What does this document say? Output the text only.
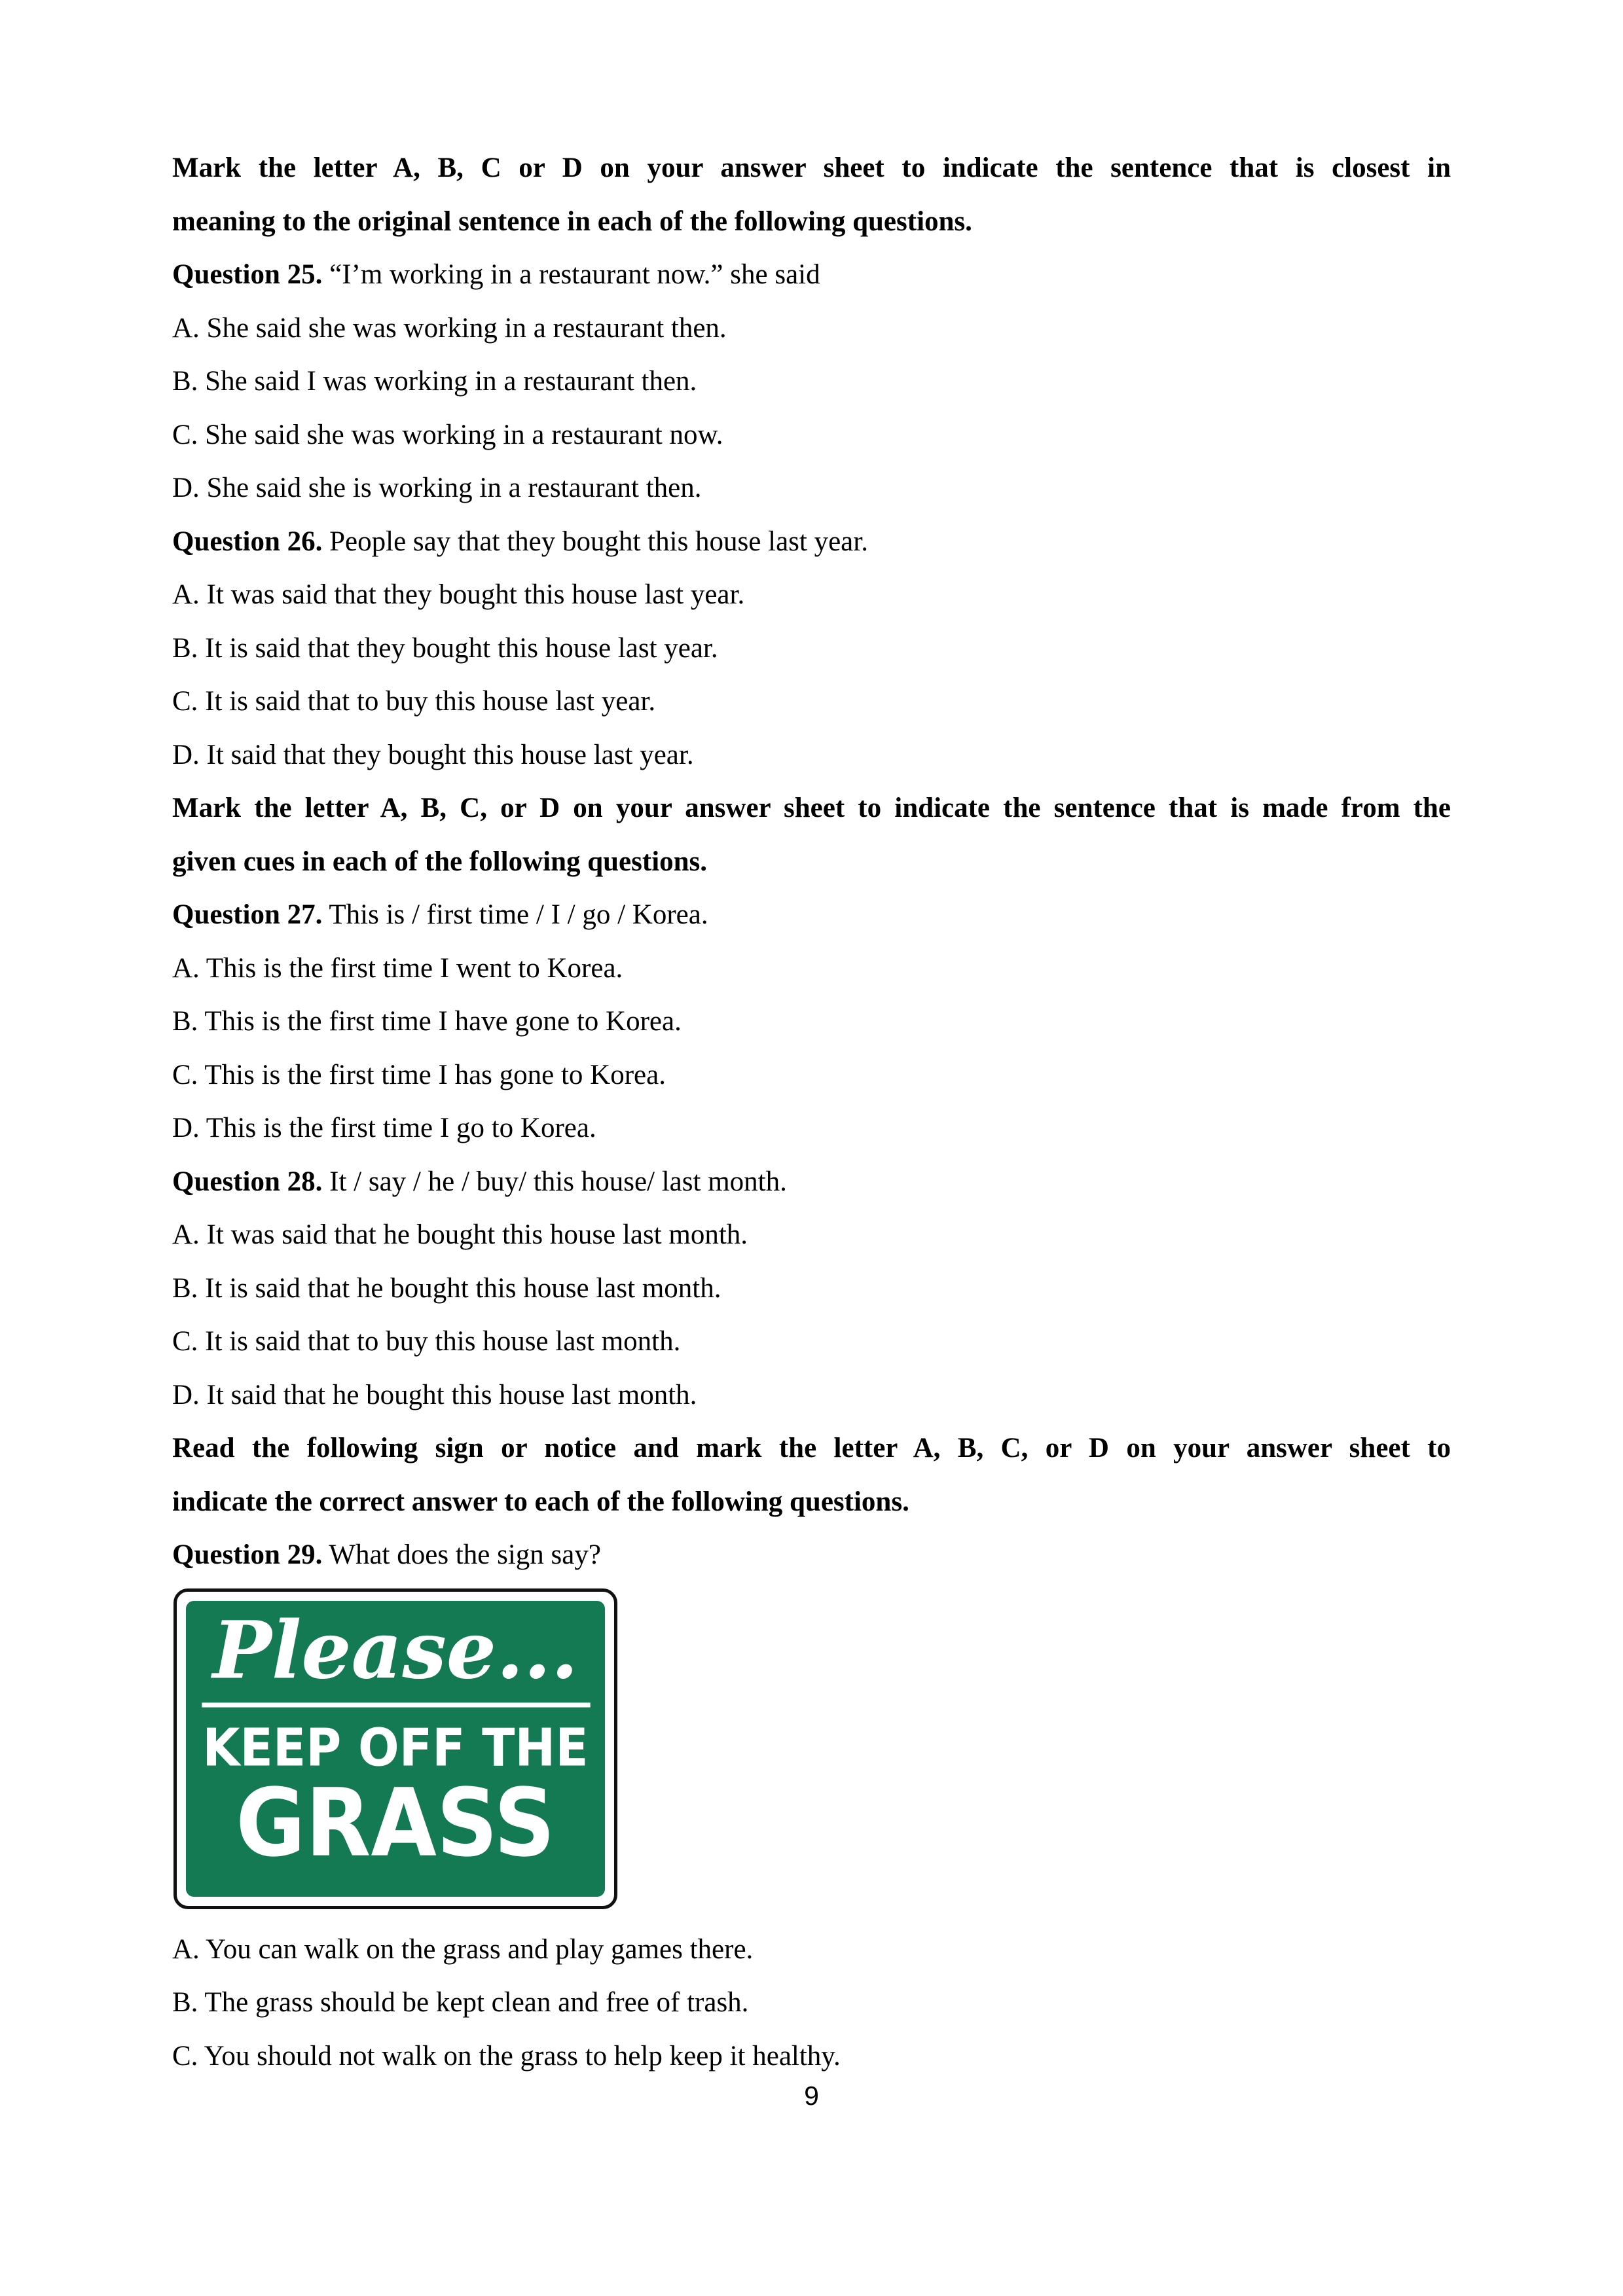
Mark the letter A, B, C or D on your answer sheet to indicate the sentence that is closest in
meaning to the original sentence in each of the following questions.
Question 25. “I’m working in a restaurant now.” she said
A. She said she was working in a restaurant then.
B. She said I was working in a restaurant then.
C. She said she was working in a restaurant now.
D. She said she is working in a restaurant then.
Question 26. People say that they bought this house last year.
A. It was said that they bought this house last year.
B. It is said that they bought this house last year.
C. It is said that to buy this house last year.
D. It said that they bought this house last year.
Mark the letter A, B, C, or D on your answer sheet to indicate the sentence that is made from the
given cues in each of the following questions.
Question 27. This is / first time / I / go / Korea.
A. This is the first time I went to Korea.
B. This is the first time I have gone to Korea.
C. This is the first time I has gone to Korea.
D. This is the first time I go to Korea.
Question 28. It / say / he / buy/ this house/ last month.
A. It was said that he bought this house last month.
B. It is said that he bought this house last month.
C. It is said that to buy this house last month.
D. It said that he bought this house last month.
Read the following sign or notice and mark the letter A, B, C, or D on your answer sheet to
indicate the correct answer to each of the following questions.
Question 29. What does the sign say?
Please...
KEEP OFF THE
GRASS
A. You can walk on the grass and play games there.
B. The grass should be kept clean and free of trash.
C. You should not walk on the grass to help keep it healthy.
9
